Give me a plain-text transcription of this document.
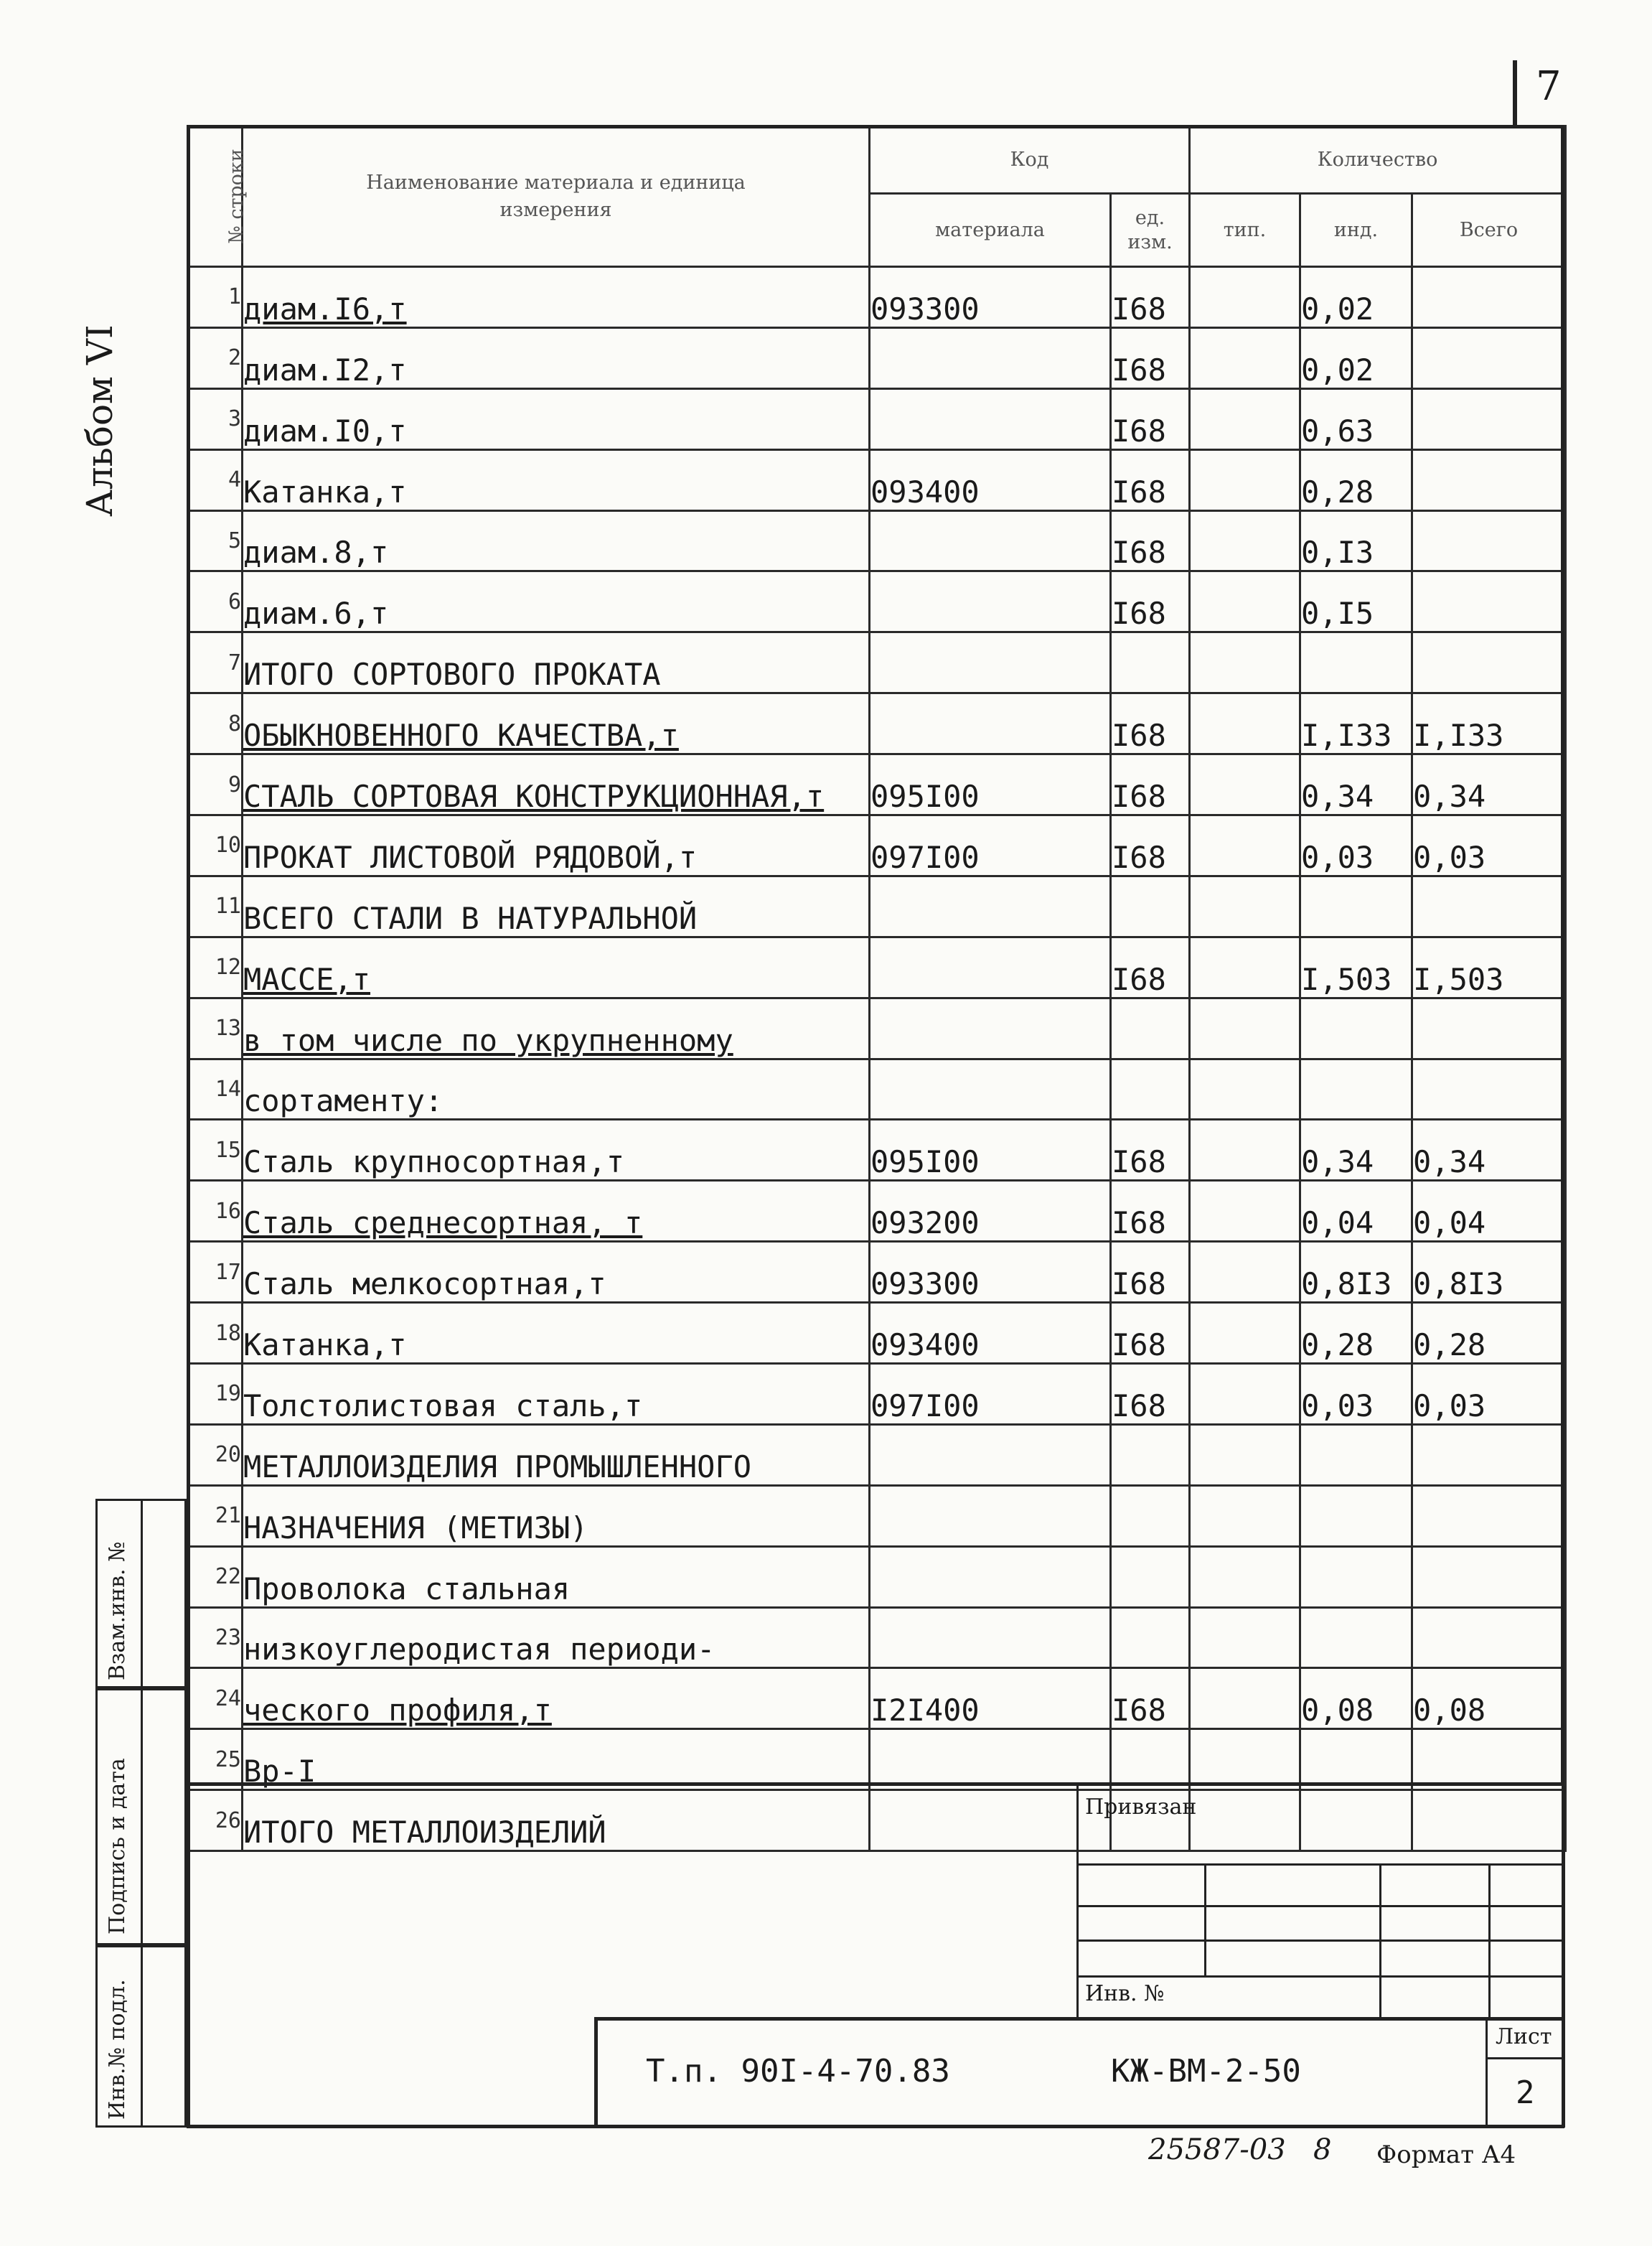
7
Альбом VI
№ строки	Наименование материала и единица измерения	Код		Количество		
		материала	ед. изм.	тип.	инд.	Всего
1	диам.I6,т	093300	I68		0,02	
2	диам.I2,т		I68		0,02	
3	диам.I0,т		I68		0,63	
4	Катанка,т	093400	I68		0,28	
5	диам.8,т		I68		0,I3	
6	диам.6,т		I68		0,I5	
7	ИТОГО СОРТОВОГО ПРОКАТА					
8	ОБЫКНОВЕННОГО КАЧЕСТВА,т		I68		I,I33	I,I33
9	СТАЛЬ СОРТОВАЯ КОНСТРУКЦИОННАЯ,т	095I00	I68		0,34	0,34
10	ПРОКАТ ЛИСТОВОЙ РЯДОВОЙ,т	097I00	I68		0,03	0,03
11	ВСЕГО СТАЛИ В НАТУРАЛЬНОЙ					
12	МАССЕ,т		I68		I,503	I,503
13	в том числе по укрупненному					
14	сортаменту:					
15	Сталь крупносортная,т	095I00	I68		0,34	0,34
16	Сталь среднесортная, т	093200	I68		0,04	0,04
17	Сталь мелкосортная,т	093300	I68		0,8I3	0,8I3
18	Катанка,т	093400	I68		0,28	0,28
19	Толстолистовая сталь,т	097I00	I68		0,03	0,03
20	МЕТАЛЛОИЗДЕЛИЯ ПРОМЫШЛЕННОГО					
21	НАЗНАЧЕНИЯ (МЕТИЗЫ)					
22	Проволока стальная					
23	низкоуглеродистая периоди-					
24	ческого профиля,т	I2I400	I68		0,08	0,08
25	Вр-I					
26	ИТОГО МЕТАЛЛОИЗДЕЛИЙ					
Взам.инв. №
Подпись и дата
Инв.№ подл.
Привязан
Инв. №
Т.п. 90I-4-70.83	КЖ-ВМ-2-50
Лист
2
25587-03 8 Формат А4
